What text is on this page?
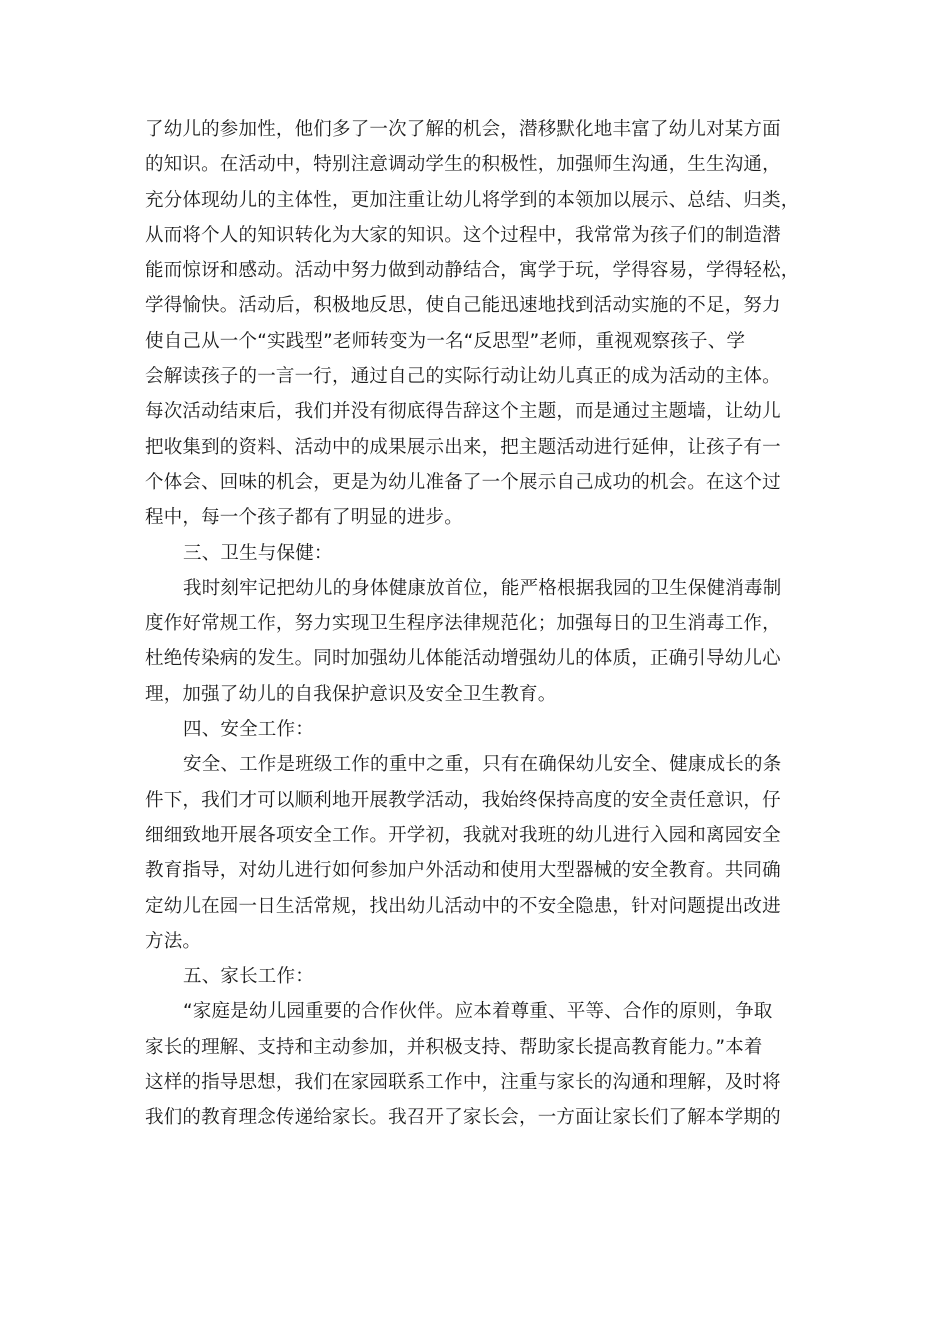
了幼儿的参加性，他们多了一次了解的机会，潜移默化地丰富了幼儿对某方面
的知识。在活动中，特别注意调动学生的积极性，加强师生沟通，生生沟通，
充分体现幼儿的主体性，更加注重让幼儿将学到的本领加以展示、总结、归类，
从而将个人的知识转化为大家的知识。这个过程中，我常常为孩子们的制造潜
能而惊讶和感动。活动中努力做到动静结合，寓学于玩，学得容易，学得轻松，
学得愉快。活动后，积极地反思，使自己能迅速地找到活动实施的不足，努力
使自己从一个“实践型”老师转变为一名“反思型”老师，重视观察孩子、学
会解读孩子的一言一行，通过自己的实际行动让幼儿真正的成为活动的主体。
每次活动结束后，我们并没有彻底得告辞这个主题，而是通过主题墙，让幼儿
把收集到的资料、活动中的成果展示出来，把主题活动进行延伸，让孩子有一
个体会、回味的机会，更是为幼儿准备了一个展示自己成功的机会。在这个过
程中，每一个孩子都有了明显的进步。
三、卫生与保健：
我时刻牢记把幼儿的身体健康放首位，能严格根据我园的卫生保健消毒制
度作好常规工作，努力实现卫生程序法律规范化；加强每日的卫生消毒工作，
杜绝传染病的发生。同时加强幼儿体能活动增强幼儿的体质，正确引导幼儿心
理，加强了幼儿的自我保护意识及安全卫生教育。
四、安全工作：
安全、工作是班级工作的重中之重，只有在确保幼儿安全、健康成长的条
件下，我们才可以顺利地开展教学活动，我始终保持高度的安全责任意识，仔
细细致地开展各项安全工作。开学初，我就对我班的幼儿进行入园和离园安全
教育指导，对幼儿进行如何参加户外活动和使用大型器械的安全教育。共同确
定幼儿在园一日生活常规，找出幼儿活动中的不安全隐患，针对问题提出改进
方法。
五、家长工作：
“家庭是幼儿园重要的合作伙伴。应本着尊重、平等、合作的原则，争取
家长的理解、支持和主动参加，并积极支持、帮助家长提高教育能力。”本着
这样的指导思想，我们在家园联系工作中，注重与家长的沟通和理解，及时将
我们的教育理念传递给家长。我召开了家长会，一方面让家长们了解本学期的
